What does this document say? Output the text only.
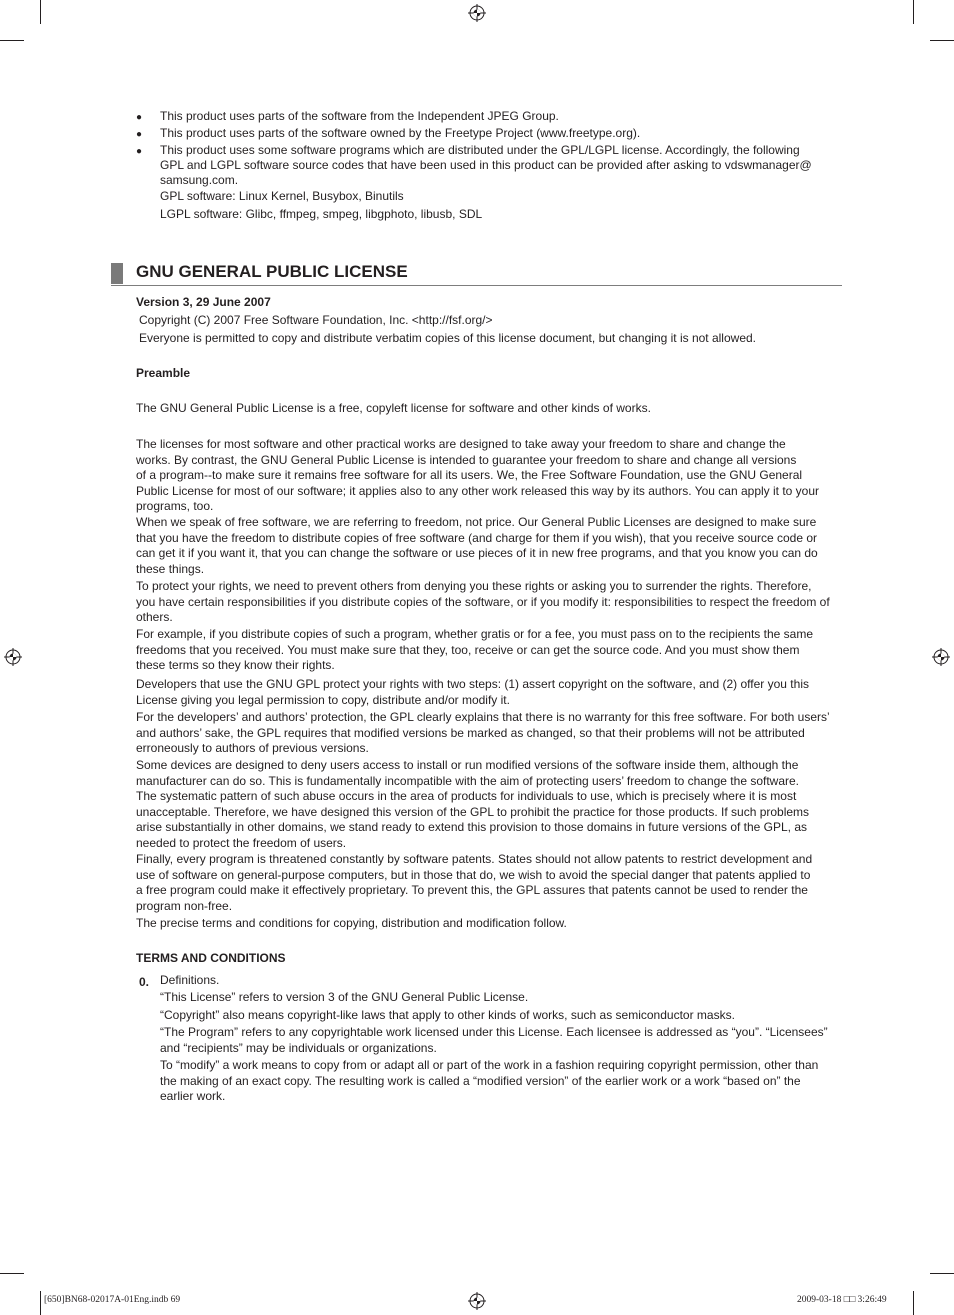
● This product uses parts of the software from the Independent JPEG Group.
● This product uses parts of the software owned by the Freetype Project (www.freetype.org).
● This product uses some software programs which are distributed under the GPL/LGPL license. Accordingly, the following
GPL and LGPL software source codes that have been used in this product can be provided after asking to vdswmanager@
samsung.com.
GPL software: Linux Kernel, Busybox, Binutils
LGPL software: Glibc, ffmpeg, smpeg, libgphoto, libusb, SDL
GNU GENERAL PUBLIC LICENSE
Version 3, 29 June 2007
Copyright (C) 2007 Free Software Foundation, Inc. <http://fsf.org/>
Everyone is permitted to copy and distribute verbatim copies of this license document, but changing it is not allowed.
Preamble
The GNU General Public License is a free, copyleft license for software and other kinds of works.
The licenses for most software and other practical works are designed to take away your freedom to share and change the
works. By contrast, the GNU General Public License is intended to guarantee your freedom to share and change all versions
of a program--to make sure it remains free software for all its users. We, the Free Software Foundation, use the GNU General
Public License for most of our software; it applies also to any other work released this way by its authors. You can apply it to your
programs, too.
When we speak of free software, we are referring to freedom, not price. Our General Public Licenses are designed to make sure
that you have the freedom to distribute copies of free software (and charge for them if you wish), that you receive source code or
can get it if you want it, that you can change the software or use pieces of it in new free programs, and that you know you can do
these things.
To protect your rights, we need to prevent others from denying you these rights or asking you to surrender the rights. Therefore,
you have certain responsibilities if you distribute copies of the software, or if you modify it: responsibilities to respect the freedom of
others.
For example, if you distribute copies of such a program, whether gratis or for a fee, you must pass on to the recipients the same
freedoms that you received. You must make sure that they, too, receive or can get the source code. And you must show them
these terms so they know their rights.
Developers that use the GNU GPL protect your rights with two steps: (1) assert copyright on the software, and (2) offer you this
License giving you legal permission to copy, distribute and/or modify it.
For the developers’ and authors’ protection, the GPL clearly explains that there is no warranty for this free software. For both users’
and authors’ sake, the GPL requires that modified versions be marked as changed, so that their problems will not be attributed
erroneously to authors of previous versions.
Some devices are designed to deny users access to install or run modified versions of the software inside them, although the
manufacturer can do so. This is fundamentally incompatible with the aim of protecting users’ freedom to change the software.
The systematic pattern of such abuse occurs in the area of products for individuals to use, which is precisely where it is most
unacceptable. Therefore, we have designed this version of the GPL to prohibit the practice for those products. If such problems
arise substantially in other domains, we stand ready to extend this provision to those domains in future versions of the GPL, as
needed to protect the freedom of users.
Finally, every program is threatened constantly by software patents. States should not allow patents to restrict development and
use of software on general-purpose computers, but in those that do, we wish to avoid the special danger that patents applied to
a free program could make it effectively proprietary. To prevent this, the GPL assures that patents cannot be used to render the
program non-free.
The precise terms and conditions for copying, distribution and modification follow.
TERMS AND CONDITIONS
0. Definitions.
“This License” refers to version 3 of the GNU General Public License.
“Copyright” also means copyright-like laws that apply to other kinds of works, such as semiconductor masks.
“The Program” refers to any copyrightable work licensed under this License. Each licensee is addressed as “you”. “Licensees”
and “recipients” may be individuals or organizations.
To “modify” a work means to copy from or adapt all or part of the work in a fashion requiring copyright permission, other than
the making of an exact copy. The resulting work is called a “modified version” of the earlier work or a work “based on” the
earlier work.
[650]BN68-02017A-01Eng.indb 69	2009-03-18 □□ 3:26:49
